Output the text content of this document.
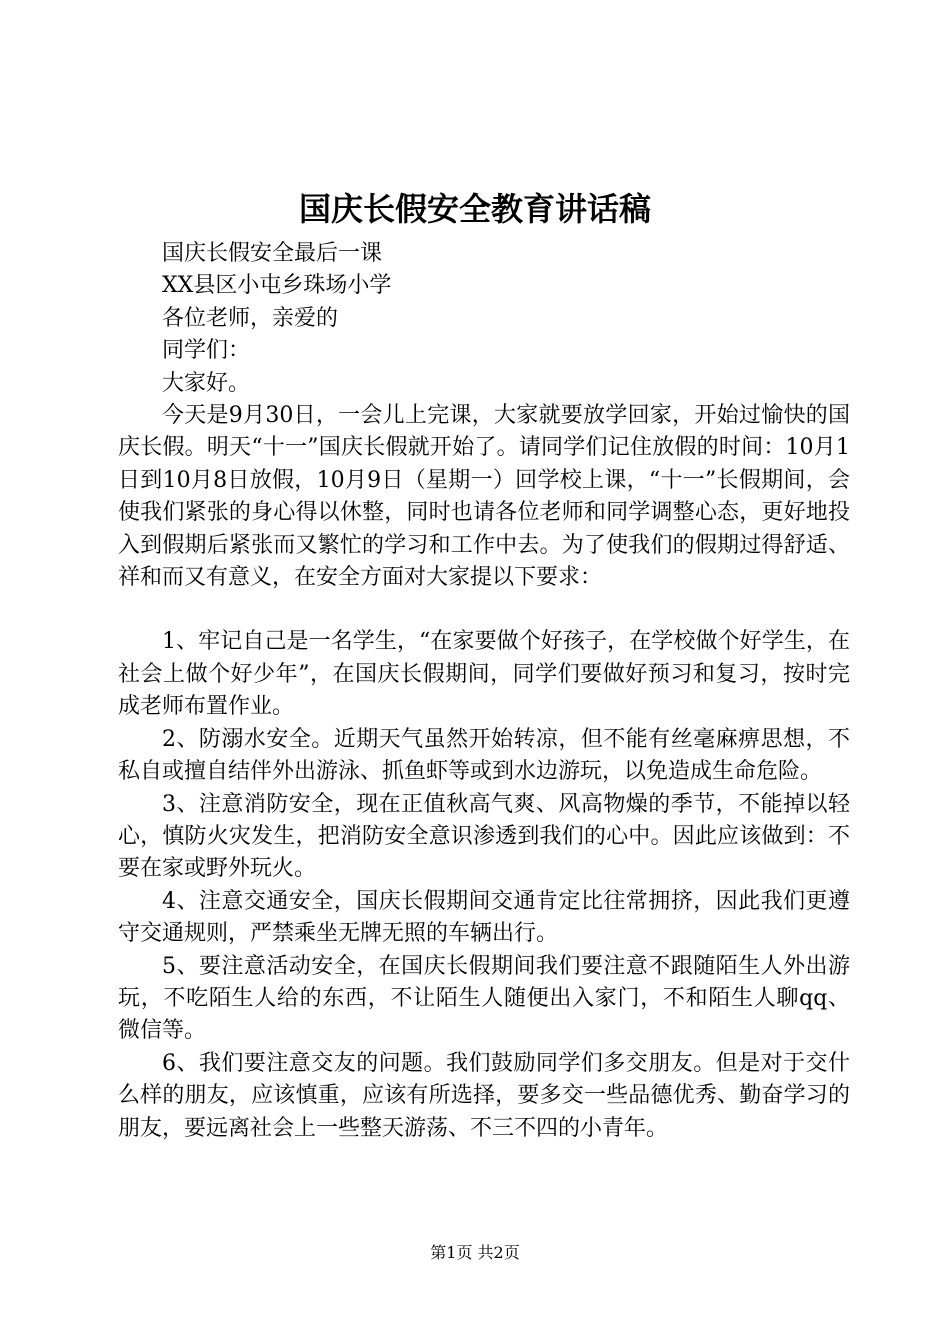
国庆长假安全教育讲话稿

国庆长假安全最后一课

XX县区小屯乡珠场小学

各位老师，亲爱的

同学们：

大家好。

今天是9月30日，一会儿上完课，大家就要放学回家，开始过愉快的国庆长假。明天“十一”国庆长假就开始了。请同学们记住放假的时间：10月1日到10月8日放假，10月9日（星期一）回学校上课，“十一”长假期间，会使我们紧张的身心得以休整，同时也请各位老师和同学调整心态，更好地投入到假期后紧张而又繁忙的学习和工作中去。为了使我们的假期过得舒适、祥和而又有意义，在安全方面对大家提以下要求：

1、牢记自己是一名学生，“在家要做个好孩子，在学校做个好学生，在社会上做个好少年”，在国庆长假期间，同学们要做好预习和复习，按时完成老师布置作业。

2、防溺水安全。近期天气虽然开始转凉，但不能有丝毫麻痹思想，不私自或擅自结伴外出游泳、抓鱼虾等或到水边游玩，以免造成生命危险。

3、注意消防安全，现在正值秋高气爽、风高物燥的季节，不能掉以轻心，慎防火灾发生，把消防安全意识渗透到我们的心中。因此应该做到：不要在家或野外玩火。

4、注意交通安全，国庆长假期间交通肯定比往常拥挤，因此我们更遵守交通规则，严禁乘坐无牌无照的车辆出行。

5、要注意活动安全，在国庆长假期间我们要注意不跟随陌生人外出游玩，不吃陌生人给的东西，不让陌生人随便出入家门，不和陌生人聊qq、微信等。

6、我们要注意交友的问题。我们鼓励同学们多交朋友。但是对于交什么样的朋友，应该慎重，应该有所选择，要多交一些品德优秀、勤奋学习的朋友，要远离社会上一些整天游荡、不三不四的小青年。

第1页 共2页
